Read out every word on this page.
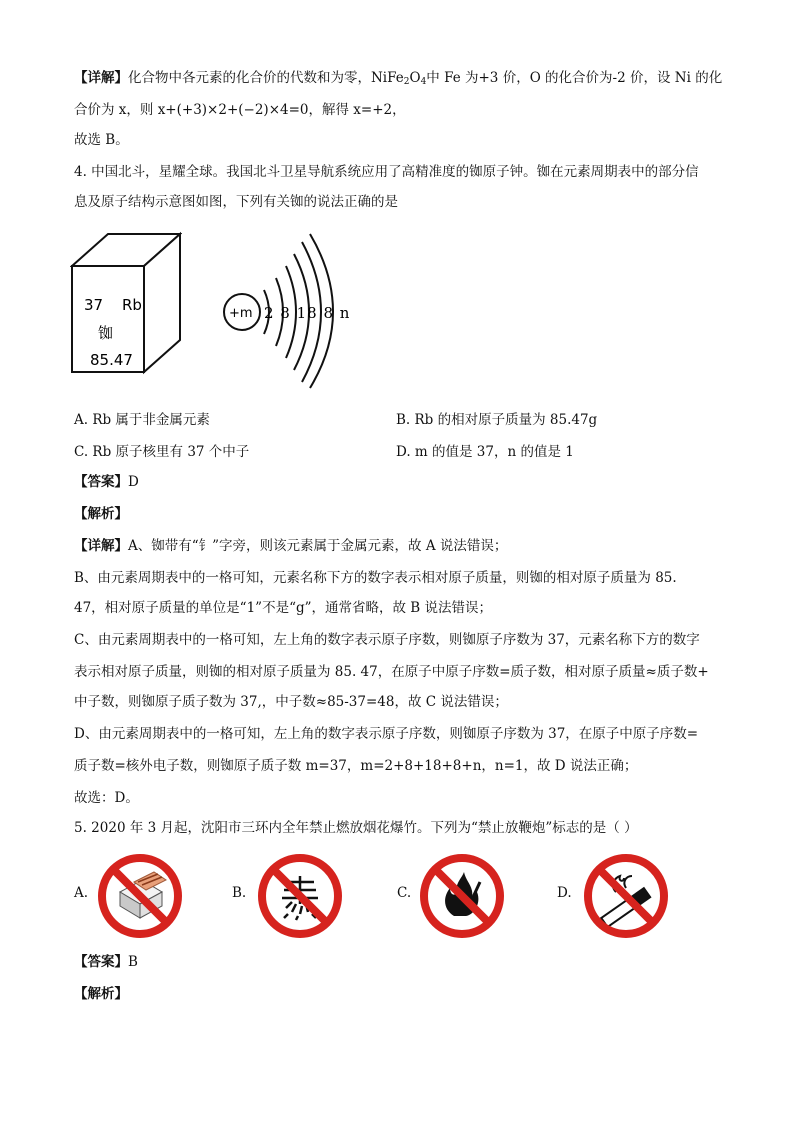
【详解】化合物中各元素的化合价的代数和为零，$NiFe_2O_4$中 Fe 为+3 价，O 的化合价为-2 价，设 Ni 的化
合价为 x，则 x+(+3)×2+(−2)×4=0，解得 x=+2，
故选 B。
4. 中国北斗，星耀全球。我国北斗卫星导航系统应用了高精准度的铷原子钟。铷在元素周期表中的部分信
息及原子结构示意图如图，下列有关铷的说法正确的是
37 Rb
铷
85.47
+m 2 8 18 8 n
A. Rb 属于非金属元素	B. Rb 的相对原子质量为 85.47g
C. Rb 原子核里有 37 个中子	D. m 的值是 37，n 的值是 1
【答案】D
【解析】
【详解】A、铷带有“钅”字旁，则该元素属于金属元素，故 A 说法错误；
B、由元素周期表中的一格可知，元素名称下方的数字表示相对原子质量，则铷的相对原子质量为 85.
47，相对原子质量的单位是“1”不是“g”，通常省略，故 B 说法错误；
C、由元素周期表中的一格可知，左上角的数字表示原子序数，则铷原子序数为 37，元素名称下方的数字
表示相对原子质量，则铷的相对原子质量为 85. 47，在原子中原子序数=质子数，相对原子质量≈质子数+
中子数，则铷原子质子数为 37,，中子数≈85-37=48，故 C 说法错误；
D、由元素周期表中的一格可知，左上角的数字表示原子序数，则铷原子序数为 37，在原子中原子序数=
质子数=核外电子数，则铷原子质子数 m=37，m=2+8+18+8+n，n=1，故 D 说法正确；
故选：D。
5. 2020 年 3 月起，沈阳市三环内全年禁止燃放烟花爆竹。下列为“禁止放鞭炮”标志的是（ ）
A.	B.	C.	D.
【答案】B
【解析】
